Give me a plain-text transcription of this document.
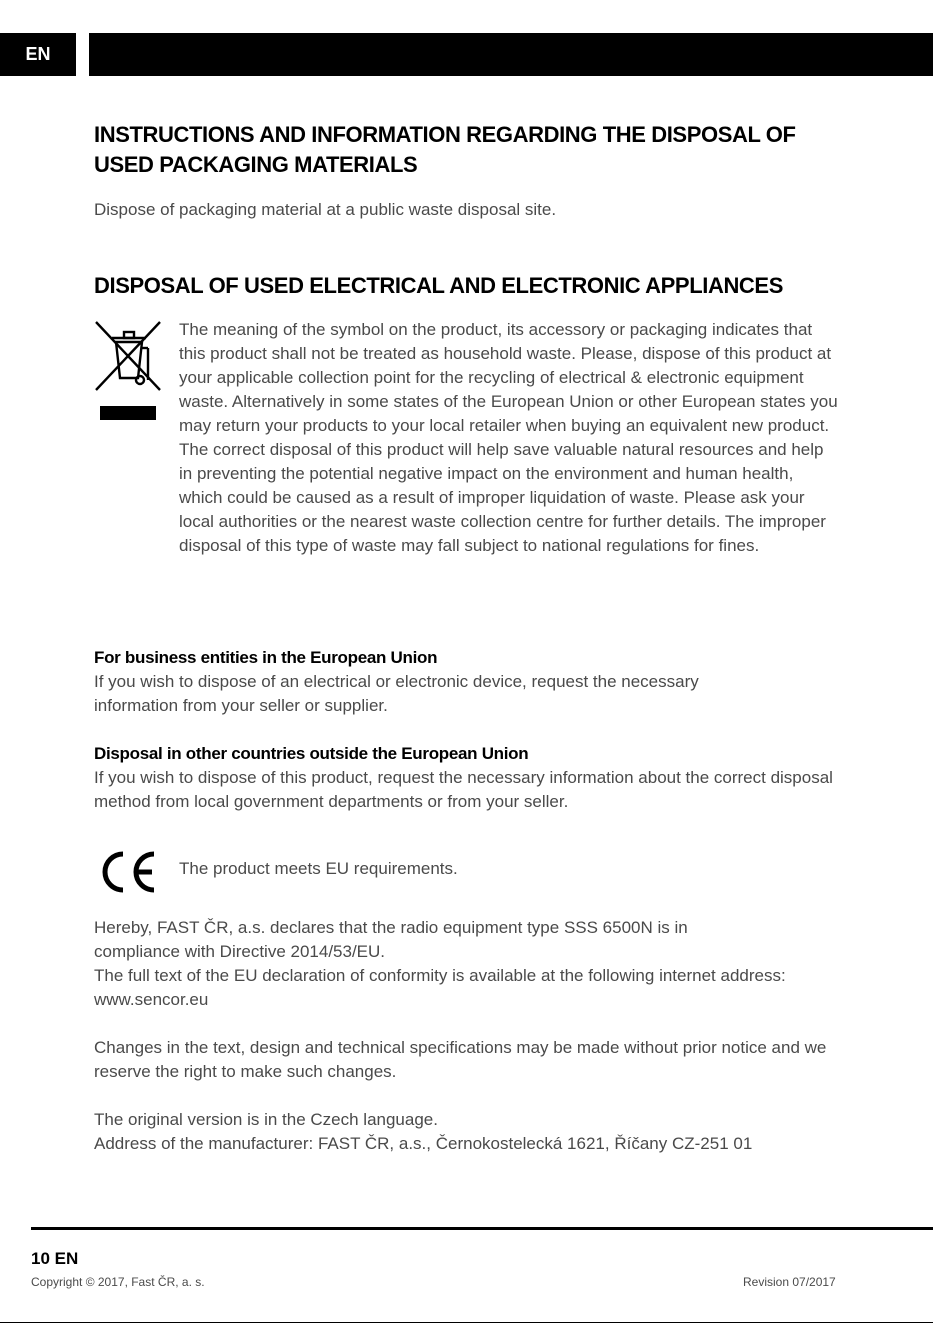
EN
INSTRUCTIONS AND INFORMATION REGARDING THE DISPOSAL OF USED PACKAGING MATERIALS

Dispose of packaging material at a public waste disposal site.

DISPOSAL OF USED ELECTRICAL AND ELECTRONIC APPLIANCES

The meaning of the symbol on the product, its accessory or packaging indicates that this product shall not be treated as household waste. Please, dispose of this product at your applicable collection point for the recycling of electrical & electronic equipment waste. Alternatively in some states of the European Union or other European states you may return your products to your local retailer when buying an equivalent new product. The correct disposal of this product will help save valuable natural resources and help in preventing the potential negative impact on the environment and human health, which could be caused as a result of improper liquidation of waste. Please ask your local authorities or the nearest waste collection centre for further details. The improper disposal of this type of waste may fall subject to national regulations for fines.

For business entities in the European Union

If you wish to dispose of an electrical or electronic device, request the necessary information from your seller or supplier.

Disposal in other countries outside the European Union

If you wish to dispose of this product, request the necessary information about the correct disposal method from local government departments or from your seller.

The product meets EU requirements.

Hereby, FAST ČR, a.s. declares that the radio equipment type SSS 6500N is in compliance with Directive 2014/53/EU.

The full text of the EU declaration of conformity is available at the following internet address: www.sencor.eu

Changes in the text, design and technical specifications may be made without prior notice and we reserve the right to make such changes.

The original version is in the Czech language.

Address of the manufacturer: FAST ČR, a.s., Černokostelecká 1621, Říčany CZ-251 01

10 EN
Copyright © 2017, Fast ČR, a. s.	Revision 07/2017
